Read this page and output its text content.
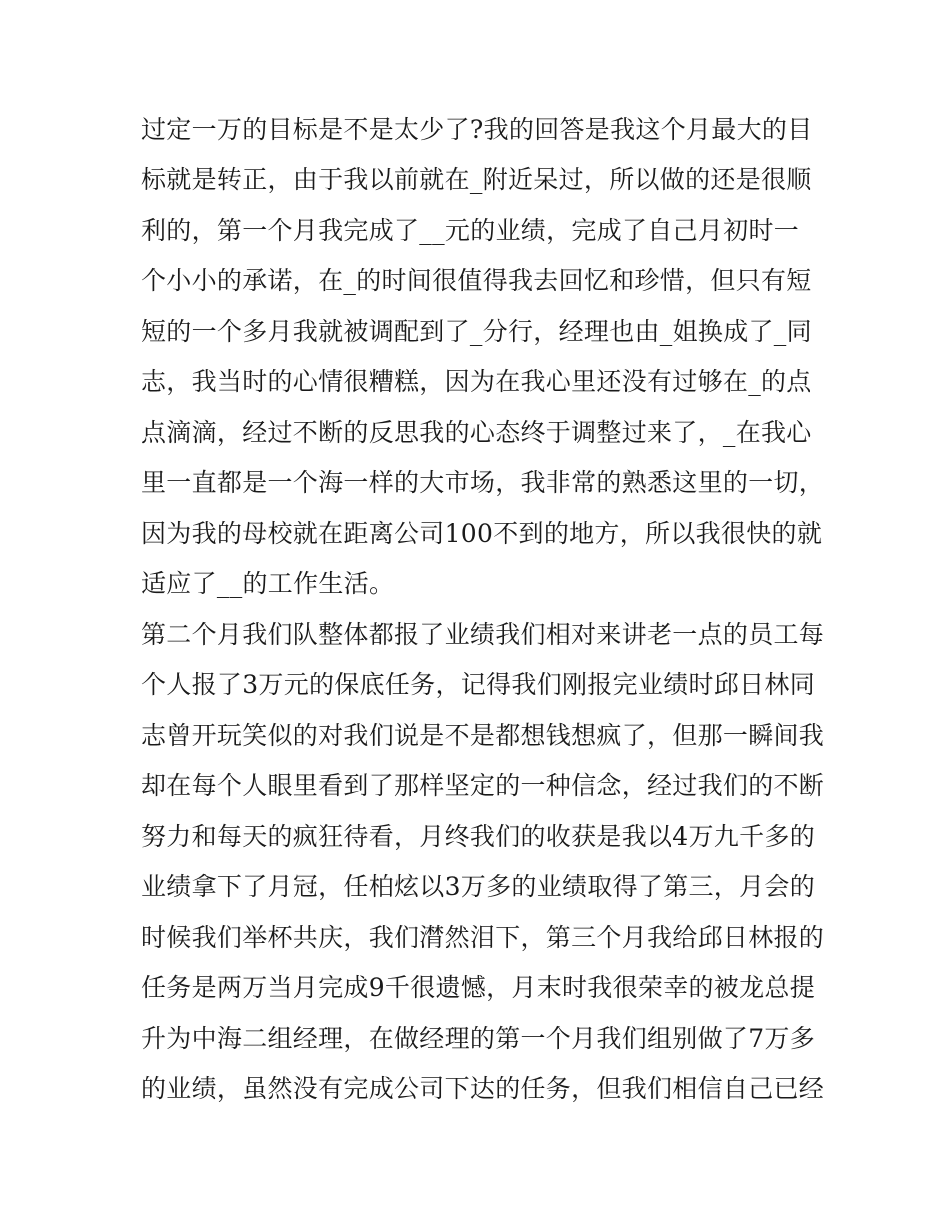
过定一万的目标是不是太少了?我的回答是我这个月最大的目
标就是转正，由于我以前就在_附近呆过，所以做的还是很顺
利的，第一个月我完成了__元的业绩，完成了自己月初时一
个小小的承诺，在_的时间很值得我去回忆和珍惜，但只有短
短的一个多月我就被调配到了_分行，经理也由_姐换成了_同
志，我当时的心情很糟糕，因为在我心里还没有过够在_的点
点滴滴，经过不断的反思我的心态终于调整过来了，_在我心
里一直都是一个海一样的大市场，我非常的熟悉这里的一切，
因为我的母校就在距离公司100不到的地方，所以我很快的就
适应了__的工作生活。
第二个月我们队整体都报了业绩我们相对来讲老一点的员工每
个人报了3万元的保底任务，记得我们刚报完业绩时邱日林同
志曾开玩笑似的对我们说是不是都想钱想疯了，但那一瞬间我
却在每个人眼里看到了那样坚定的一种信念，经过我们的不断
努力和每天的疯狂待看，月终我们的收获是我以4万九千多的
业绩拿下了月冠，任柏炫以3万多的业绩取得了第三，月会的
时候我们举杯共庆，我们潸然泪下，第三个月我给邱日林报的
任务是两万当月完成9千很遗憾，月末时我很荣幸的被龙总提
升为中海二组经理，在做经理的第一个月我们组别做了7万多
的业绩，虽然没有完成公司下达的任务，但我们相信自己已经
